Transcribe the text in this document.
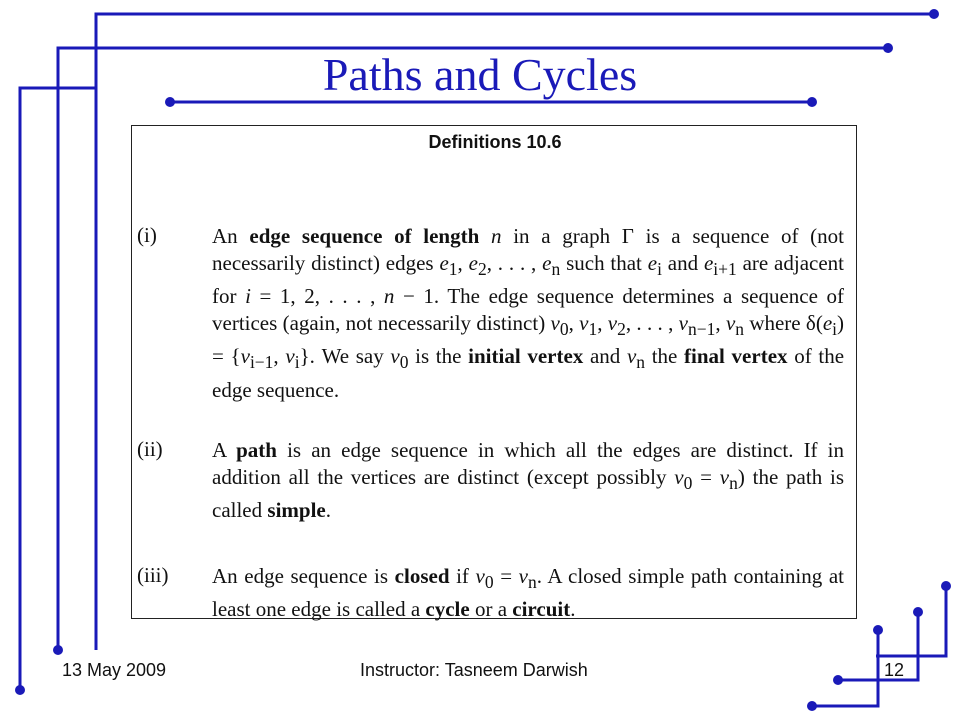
Paths and Cycles
Definitions 10.6
(i)	An edge sequence of length n in a graph Γ is a sequence of (not necessarily distinct) edges $e_1$, $e_2$, . . . , $e_n$ such that $e_i$ and $e_{i+1}$ are adjacent for i = 1, 2, . . . , n − 1. The edge sequence determines a sequence of vertices (again, not necessarily distinct) $v_0$, $v_1$, $v_2$, . . . , $v_{n-1}$, $v_n$ where $\delta(e_i) = \{v_{i-1}$, $v_i$}. We say $v_0$ is the initial vertex and $v_n$ the final vertex of the edge sequence.
(ii) A path is an edge sequence in which all the edges are distinct. If in addition all the vertices are distinct (except possibly $v_0 = v_n$) the path is called simple.
(iii) An edge sequence is closed if $v_0 = v_n$. A closed simple path containing at least one edge is called a cycle or a circuit.
13 May 2009	Instructor: Tasneem Darwish	12
